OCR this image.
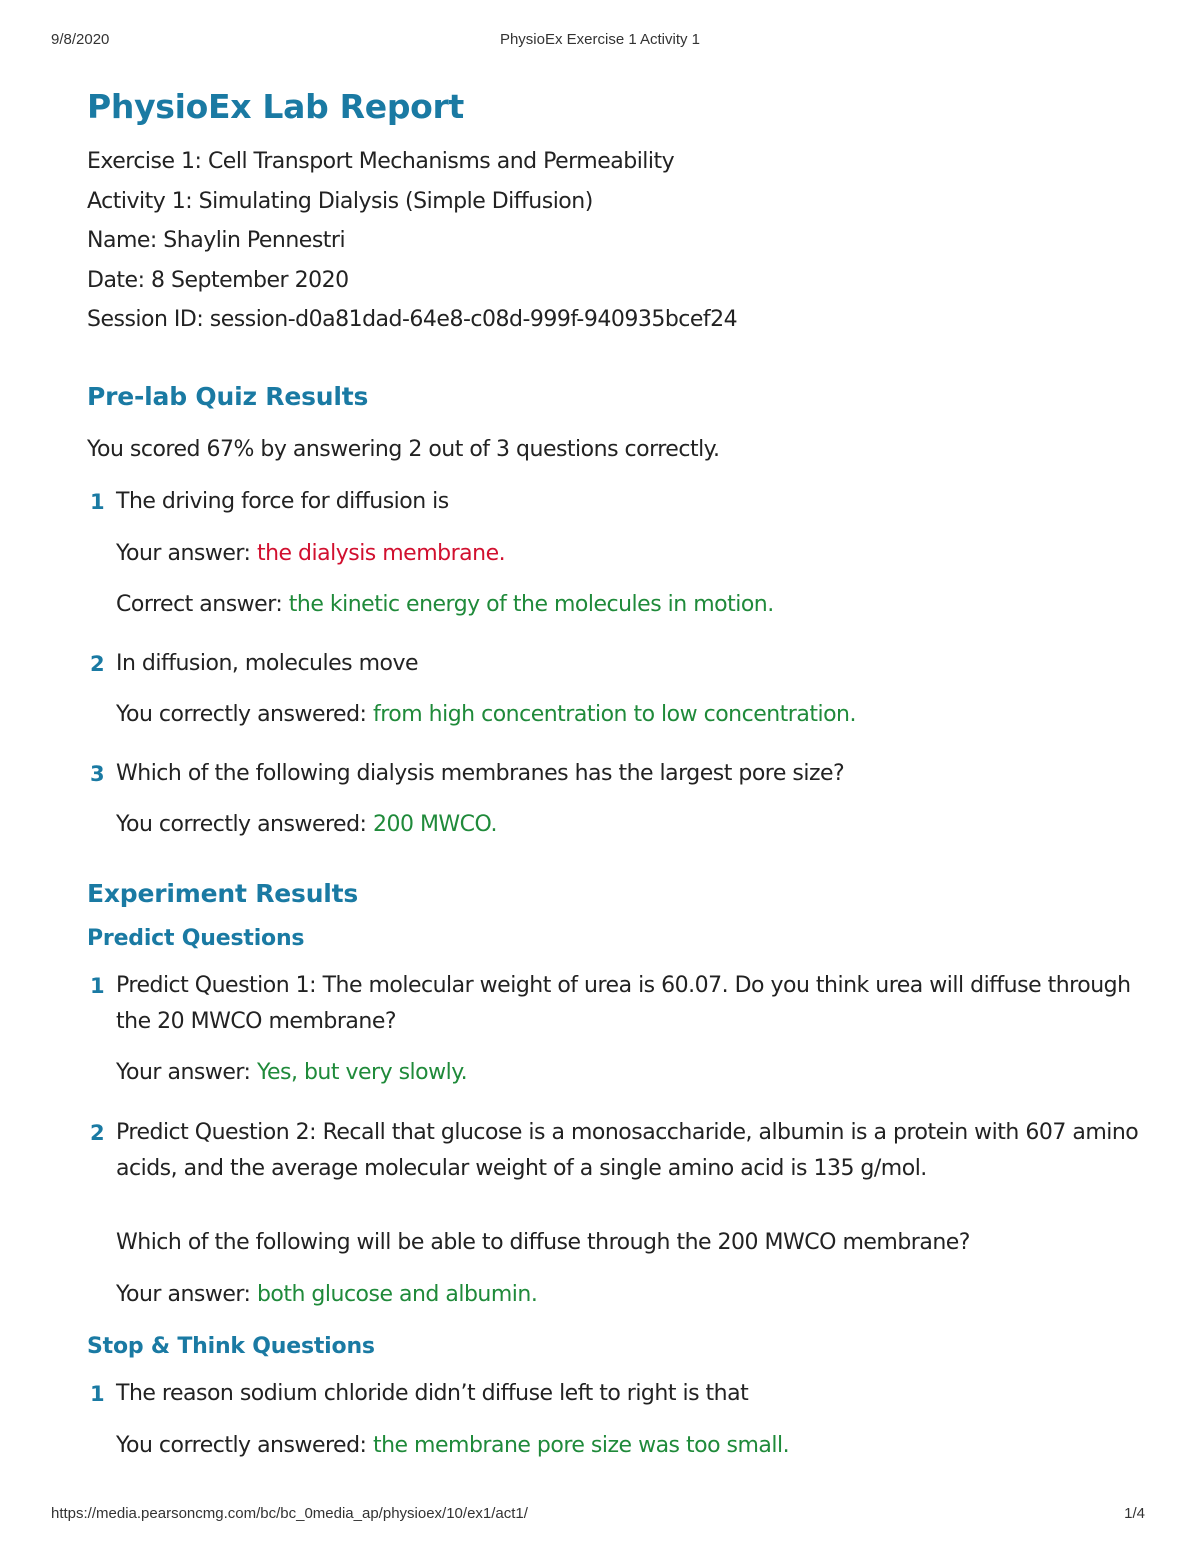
9/8/2020	PhysioEx Exercise 1 Activity 1
PhysioEx Lab Report
Exercise 1: Cell Transport Mechanisms and Permeability
Activity 1: Simulating Dialysis (Simple Diffusion)
Name: Shaylin Pennestri
Date: 8 September 2020
Session ID: session-d0a81dad-64e8-c08d-999f-940935bcef24
Pre-lab Quiz Results
You scored 67% by answering 2 out of 3 questions correctly.
1 The driving force for diffusion is
Your answer: the dialysis membrane.
Correct answer: the kinetic energy of the molecules in motion.
2 In diffusion, molecules move
You correctly answered: from high concentration to low concentration.
3 Which of the following dialysis membranes has the largest pore size?
You correctly answered: 200 MWCO.
Experiment Results
Predict Questions
1 Predict Question 1: The molecular weight of urea is 60.07. Do you think urea will diffuse through the 20 MWCO membrane?
Your answer: Yes, but very slowly.
2 Predict Question 2: Recall that glucose is a monosaccharide, albumin is a protein with 607 amino acids, and the average molecular weight of a single amino acid is 135 g/mol.
Which of the following will be able to diffuse through the 200 MWCO membrane?
Your answer: both glucose and albumin.
Stop & Think Questions
1 The reason sodium chloride didn’t diffuse left to right is that
You correctly answered: the membrane pore size was too small.
https://media.pearsoncmg.com/bc/bc_0media_ap/physioex/10/ex1/act1/	1/4
